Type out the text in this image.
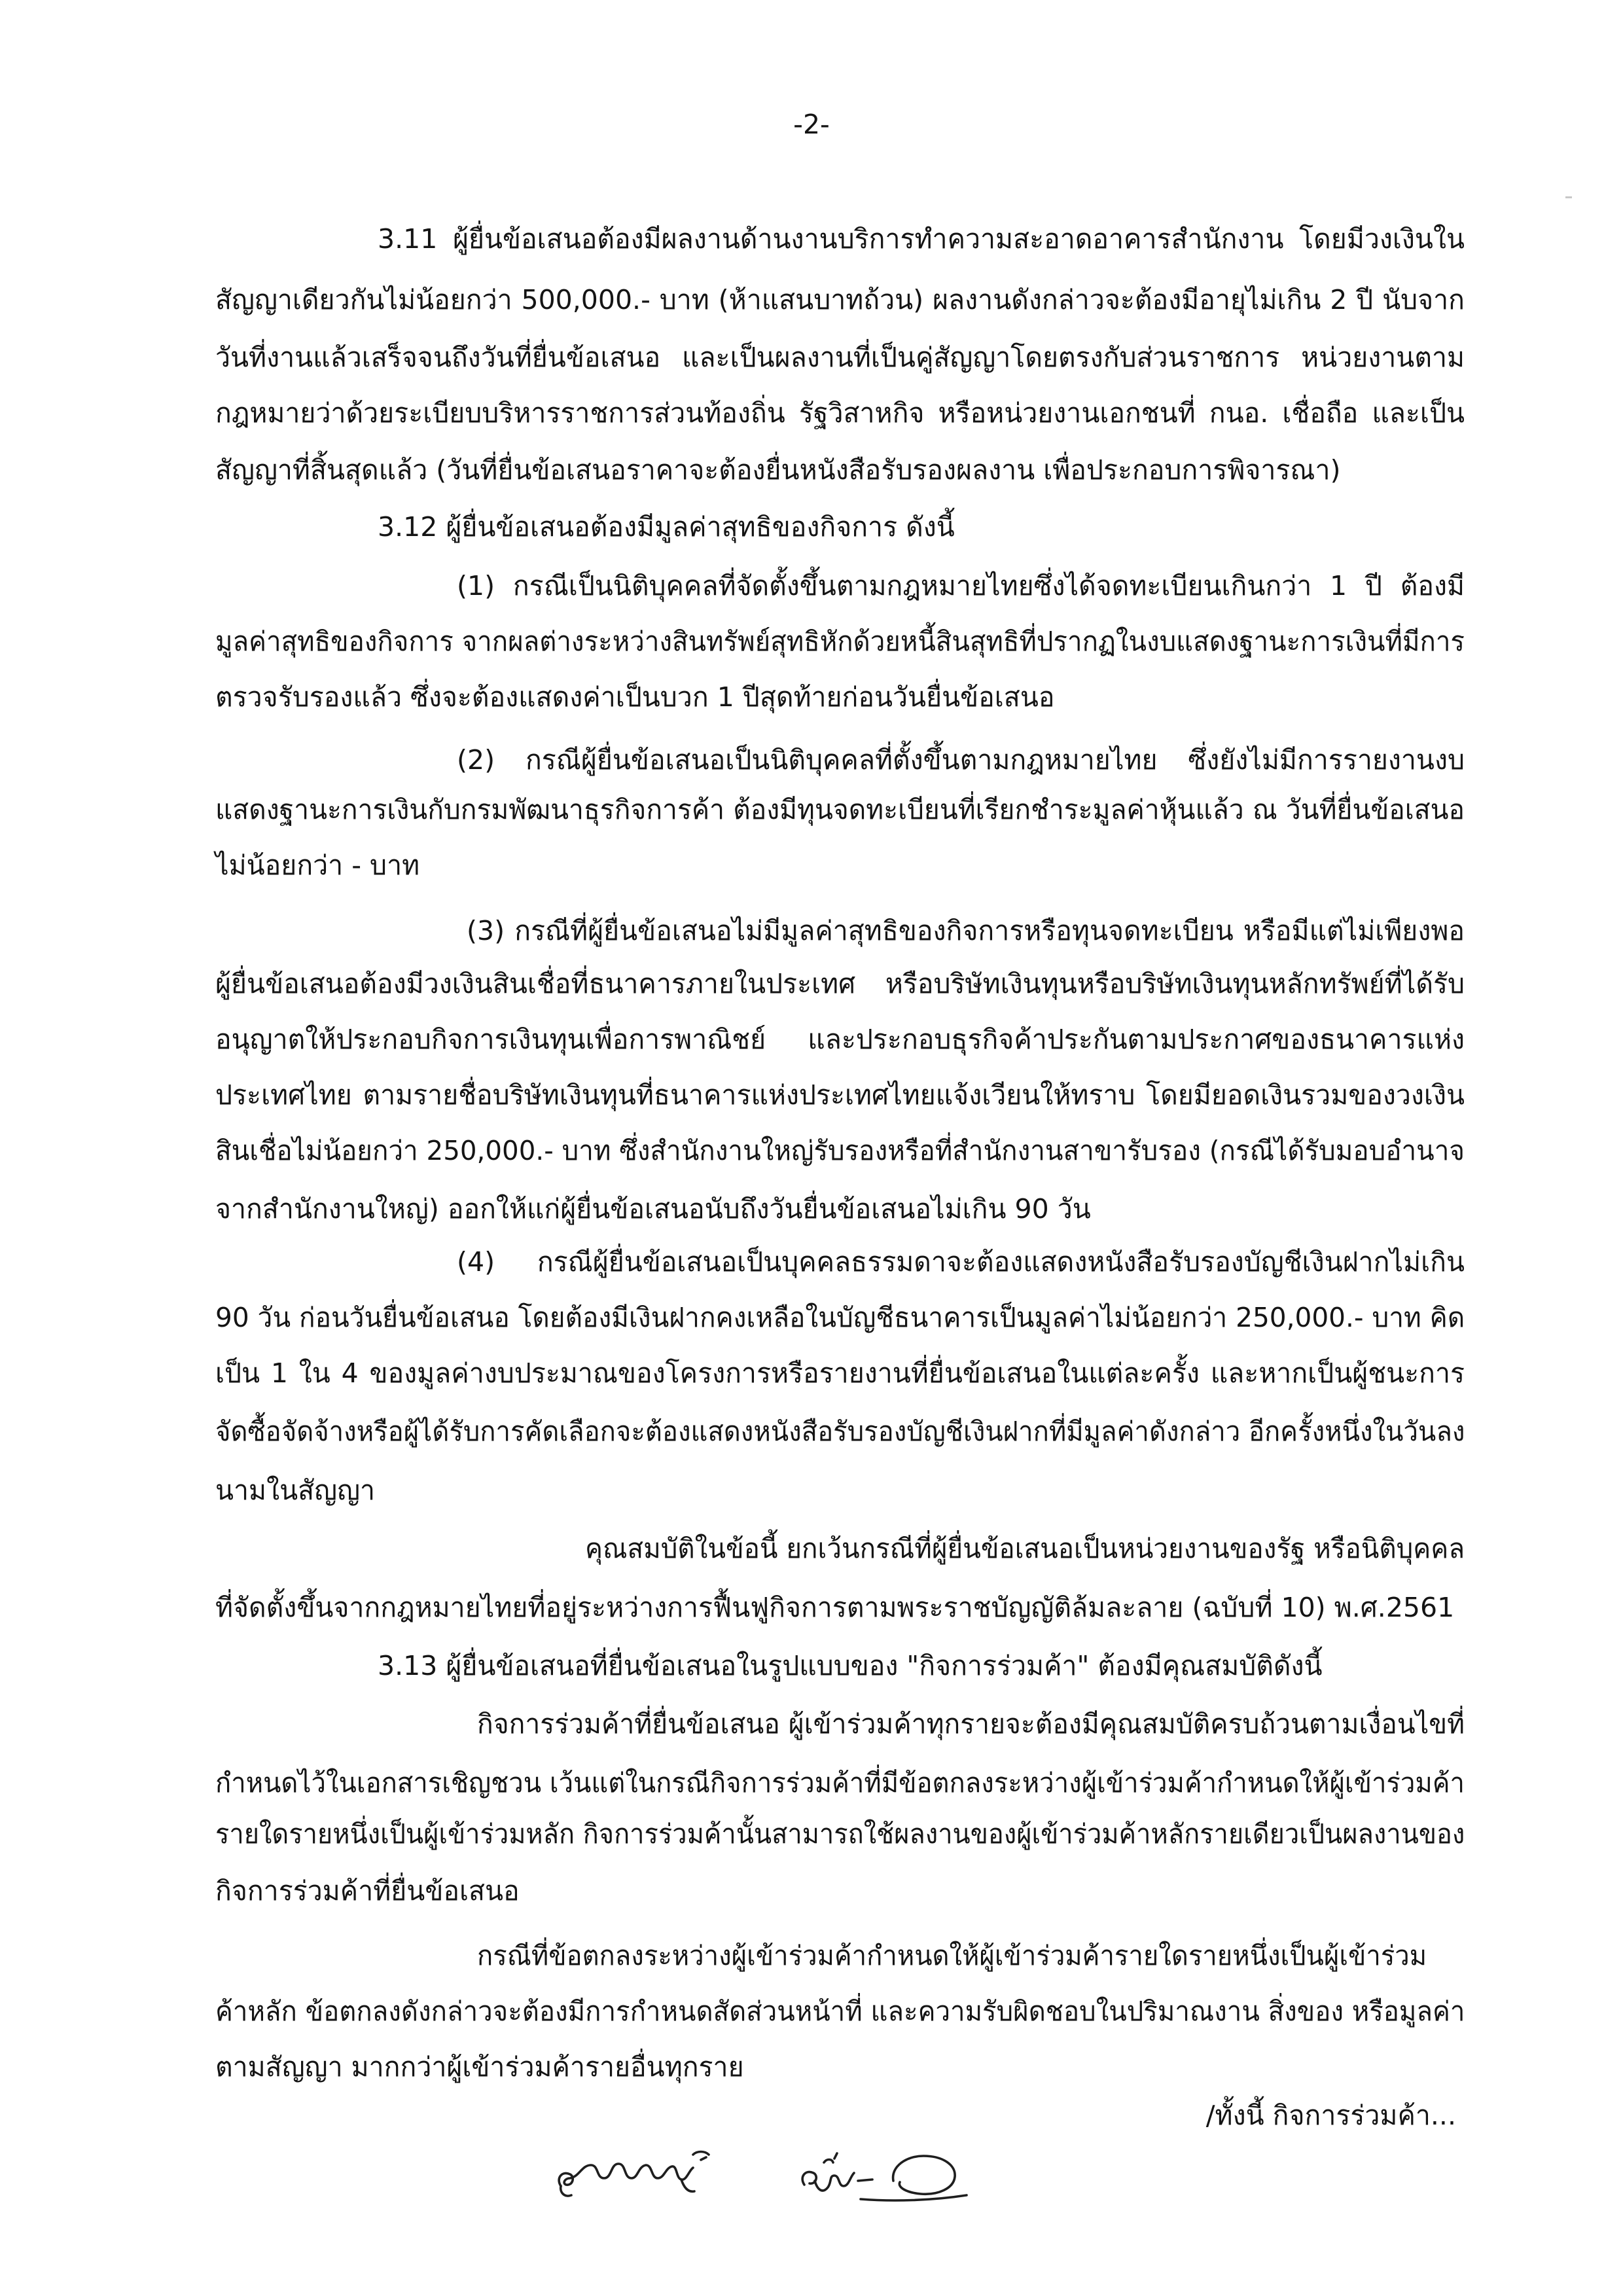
-2-
3.11 ผู้ยื่นข้อเสนอต้องมีผลงานด้านงานบริการทำความสะอาดอาคารสำนักงาน โดยมีวงเงินใน
สัญญาเดียวกันไม่น้อยกว่า 500,000.- บาท (ห้าแสนบาทถ้วน) ผลงานดังกล่าวจะต้องมีอายุไม่เกิน 2 ปี นับจาก
วันที่งานแล้วเสร็จจนถึงวันที่ยื่นข้อเสนอ และเป็นผลงานที่เป็นคู่สัญญาโดยตรงกับส่วนราชการ หน่วยงานตาม
กฎหมายว่าด้วยระเบียบบริหารราชการส่วนท้องถิ่น รัฐวิสาหกิจ หรือหน่วยงานเอกชนที่ กนอ. เชื่อถือ และเป็น
สัญญาที่สิ้นสุดแล้ว (วันที่ยื่นข้อเสนอราคาจะต้องยื่นหนังสือรับรองผลงาน เพื่อประกอบการพิจารณา)
3.12 ผู้ยื่นข้อเสนอต้องมีมูลค่าสุทธิของกิจการ ดังนี้
(1) กรณีเป็นนิติบุคคลที่จัดตั้งขึ้นตามกฎหมายไทยซึ่งได้จดทะเบียนเกินกว่า 1 ปี ต้องมี
มูลค่าสุทธิของกิจการ จากผลต่างระหว่างสินทรัพย์สุทธิหักด้วยหนี้สินสุทธิที่ปรากฏในงบแสดงฐานะการเงินที่มีการ
ตรวจรับรองแล้ว ซึ่งจะต้องแสดงค่าเป็นบวก 1 ปีสุดท้ายก่อนวันยื่นข้อเสนอ
(2) กรณีผู้ยื่นข้อเสนอเป็นนิติบุคคลที่ตั้งขึ้นตามกฎหมายไทย ซึ่งยังไม่มีการรายงานงบ
แสดงฐานะการเงินกับกรมพัฒนาธุรกิจการค้า ต้องมีทุนจดทะเบียนที่เรียกชำระมูลค่าหุ้นแล้ว ณ วันที่ยื่นข้อเสนอ
ไม่น้อยกว่า - บาท
(3) กรณีที่ผู้ยื่นข้อเสนอไม่มีมูลค่าสุทธิของกิจการหรือทุนจดทะเบียน หรือมีแต่ไม่เพียงพอ
ผู้ยื่นข้อเสนอต้องมีวงเงินสินเชื่อที่ธนาคารภายในประเทศ หรือบริษัทเงินทุนหรือบริษัทเงินทุนหลักทรัพย์ที่ได้รับ
อนุญาตให้ประกอบกิจการเงินทุนเพื่อการพาณิชย์ และประกอบธุรกิจค้าประกันตามประกาศของธนาคารแห่ง
ประเทศไทย ตามรายชื่อบริษัทเงินทุนที่ธนาคารแห่งประเทศไทยแจ้งเวียนให้ทราบ โดยมียอดเงินรวมของวงเงิน
สินเชื่อไม่น้อยกว่า 250,000.- บาท ซึ่งสำนักงานใหญ่รับรองหรือที่สำนักงานสาขารับรอง (กรณีได้รับมอบอำนาจ
จากสำนักงานใหญ่) ออกให้แก่ผู้ยื่นข้อเสนอนับถึงวันยื่นข้อเสนอไม่เกิน 90 วัน
(4) กรณีผู้ยื่นข้อเสนอเป็นบุคคลธรรมดาจะต้องแสดงหนังสือรับรองบัญชีเงินฝากไม่เกิน
90 วัน ก่อนวันยื่นข้อเสนอ โดยต้องมีเงินฝากคงเหลือในบัญชีธนาคารเป็นมูลค่าไม่น้อยกว่า 250,000.- บาท คิด
เป็น 1 ใน 4 ของมูลค่างบประมาณของโครงการหรือรายงานที่ยื่นข้อเสนอในแต่ละครั้ง และหากเป็นผู้ชนะการ
จัดซื้อจัดจ้างหรือผู้ได้รับการคัดเลือกจะต้องแสดงหนังสือรับรองบัญชีเงินฝากที่มีมูลค่าดังกล่าว อีกครั้งหนึ่งในวันลง
นามในสัญญา
คุณสมบัติในข้อนี้ ยกเว้นกรณีที่ผู้ยื่นข้อเสนอเป็นหน่วยงานของรัฐ หรือนิติบุคคล
ที่จัดตั้งขึ้นจากกฎหมายไทยที่อยู่ระหว่างการฟื้นฟูกิจการตามพระราชบัญญัติล้มละลาย (ฉบับที่ 10) พ.ศ.2561
3.13 ผู้ยื่นข้อเสนอที่ยื่นข้อเสนอในรูปแบบของ "กิจการร่วมค้า" ต้องมีคุณสมบัติดังนี้
กิจการร่วมค้าที่ยื่นข้อเสนอ ผู้เข้าร่วมค้าทุกรายจะต้องมีคุณสมบัติครบถ้วนตามเงื่อนไขที่
กำหนดไว้ในเอกสารเชิญชวน เว้นแต่ในกรณีกิจการร่วมค้าที่มีข้อตกลงระหว่างผู้เข้าร่วมค้ากำหนดให้ผู้เข้าร่วมค้า
รายใดรายหนึ่งเป็นผู้เข้าร่วมหลัก กิจการร่วมค้านั้นสามารถใช้ผลงานของผู้เข้าร่วมค้าหลักรายเดียวเป็นผลงานของ
กิจการร่วมค้าที่ยื่นข้อเสนอ
กรณีที่ข้อตกลงระหว่างผู้เข้าร่วมค้ากำหนดให้ผู้เข้าร่วมค้ารายใดรายหนึ่งเป็นผู้เข้าร่วม
ค้าหลัก ข้อตกลงดังกล่าวจะต้องมีการกำหนดสัดส่วนหน้าที่ และความรับผิดชอบในปริมาณงาน สิ่งของ หรือมูลค่า
ตามสัญญา มากกว่าผู้เข้าร่วมค้ารายอื่นทุกราย
/ทั้งนี้ กิจการร่วมค้า...
